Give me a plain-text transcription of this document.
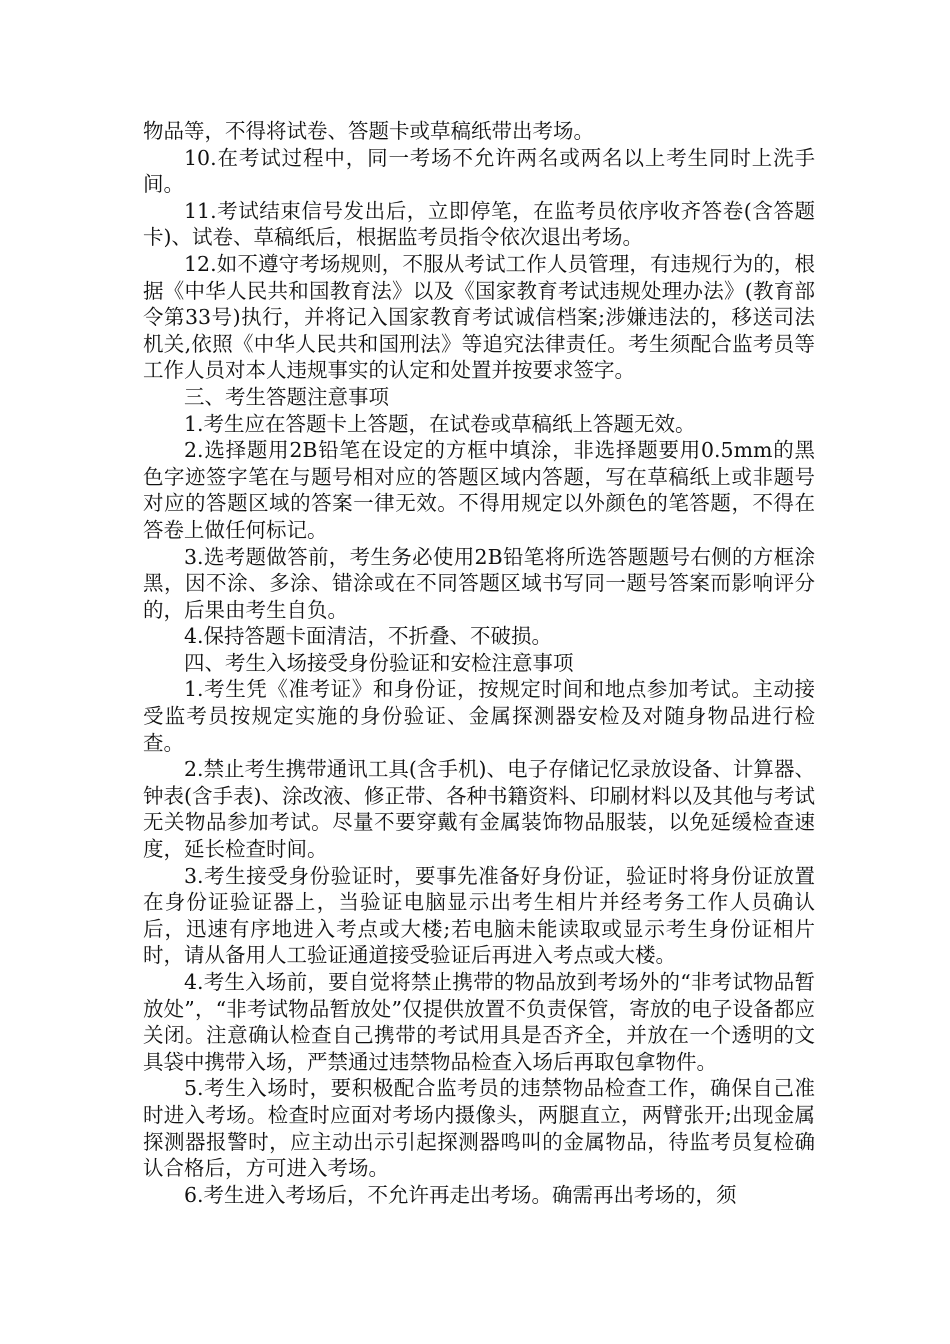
物品等，不得将试卷、答题卡或草稿纸带出考场。

10.在考试过程中，同一考场不允许两名或两名以上考生同时上洗手间。

11.考试结束信号发出后，立即停笔，在监考员依序收齐答卷(含答题卡)、试卷、草稿纸后，根据监考员指令依次退出考场。

12.如不遵守考场规则，不服从考试工作人员管理，有违规行为的，根据《中华人民共和国教育法》以及《国家教育考试违规处理办法》(教育部令第33号)执行，并将记入国家教育考试诚信档案;涉嫌违法的，移送司法机关,依照《中华人民共和国刑法》等追究法律责任。考生须配合监考员等工作人员对本人违规事实的认定和处置并按要求签字。

三、考生答题注意事项

1.考生应在答题卡上答题，在试卷或草稿纸上答题无效。

2.选择题用2B铅笔在设定的方框中填涂，非选择题要用0.5mm的黑色字迹签字笔在与题号相对应的答题区域内答题，写在草稿纸上或非题号对应的答题区域的答案一律无效。不得用规定以外颜色的笔答题，不得在答卷上做任何标记。

3.选考题做答前，考生务必使用2B铅笔将所选答题题号右侧的方框涂黑，因不涂、多涂、错涂或在不同答题区域书写同一题号答案而影响评分的，后果由考生自负。

4.保持答题卡面清洁，不折叠、不破损。

四、考生入场接受身份验证和安检注意事项

1.考生凭《准考证》和身份证，按规定时间和地点参加考试。主动接受监考员按规定实施的身份验证、金属探测器安检及对随身物品进行检查。

2.禁止考生携带通讯工具(含手机)、电子存储记忆录放设备、计算器、钟表(含手表)、涂改液、修正带、各种书籍资料、印刷材料以及其他与考试无关物品参加考试。尽量不要穿戴有金属装饰物品服装，以免延缓检查速度，延长检查时间。

3.考生接受身份验证时，要事先准备好身份证，验证时将身份证放置在身份证验证器上，当验证电脑显示出考生相片并经考务工作人员确认后，迅速有序地进入考点或大楼;若电脑未能读取或显示考生身份证相片时，请从备用人工验证通道接受验证后再进入考点或大楼。

4.考生入场前，要自觉将禁止携带的物品放到考场外的“非考试物品暂放处”，“非考试物品暂放处”仅提供放置不负责保管，寄放的电子设备都应关闭。注意确认检查自己携带的考试用具是否齐全，并放在一个透明的文具袋中携带入场，严禁通过违禁物品检查入场后再取包拿物件。

5.考生入场时，要积极配合监考员的违禁物品检查工作，确保自己准时进入考场。检查时应面对考场内摄像头，两腿直立，两臂张开;出现金属探测器报警时，应主动出示引起探测器鸣叫的金属物品，待监考员复检确认合格后，方可进入考场。

6.考生进入考场后，不允许再走出考场。确需再出考场的，须
